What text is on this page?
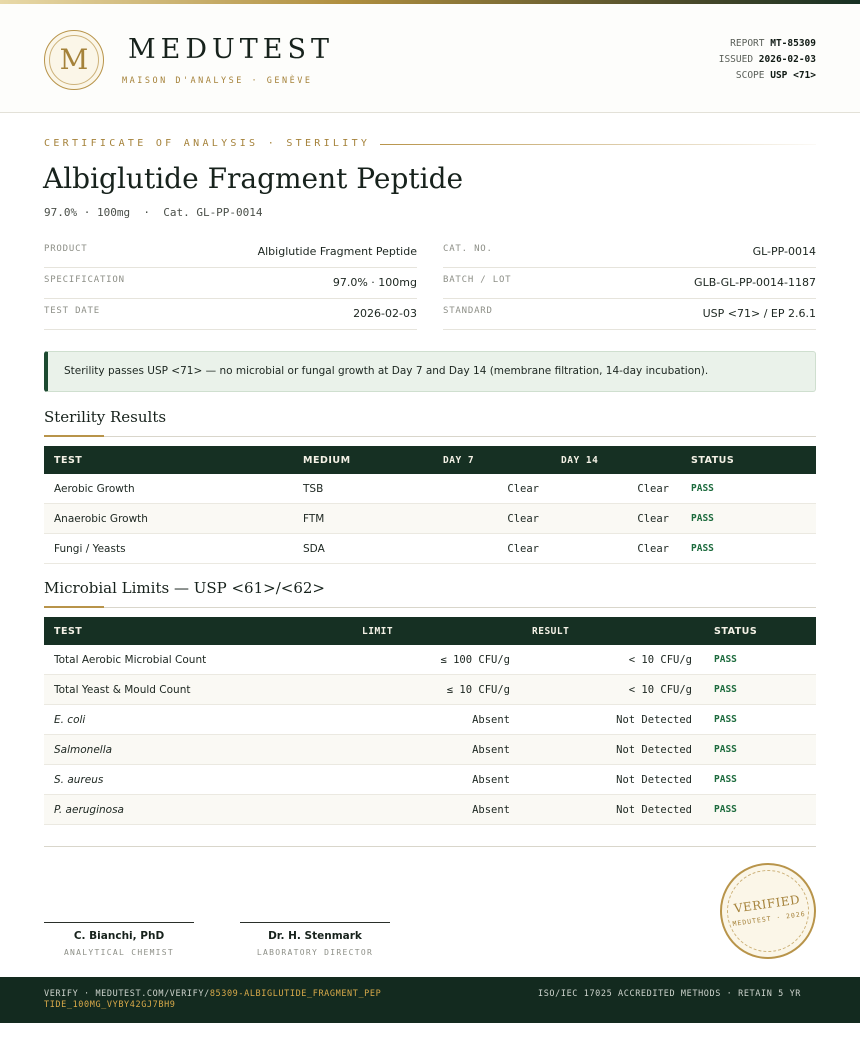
M	MEDUTEST
MAISON D'ANALYSE · GENÈVE
REPORT MT-85309
ISSUED 2026-02-03
SCOPE USP <71>
CERTIFICATE OF ANALYSIS · STERILITY
Albiglutide Fragment Peptide
97.0% · 100mg  ·  Cat. GL-PP-0014
PRODUCT	Albiglutide Fragment Peptide
SPECIFICATION	97.0% · 100mg
TEST DATE	2026-02-03
CAT. NO.	GL-PP-0014
BATCH / LOT	GLB-GL-PP-0014-1187
STANDARD	USP <71> / EP 2.6.1
Sterility passes USP <71> — no microbial or fungal growth at Day 7 and Day 14 (membrane filtration, 14-day incubation).
Sterility Results
TEST	MEDIUM	DAY 7	DAY 14	STATUS
Aerobic Growth	TSB	Clear	Clear	PASS
Anaerobic Growth	FTM	Clear	Clear	PASS
Fungi / Yeasts	SDA	Clear	Clear	PASS
Microbial Limits — USP <61>/<62>
TEST	LIMIT	RESULT	STATUS
Total Aerobic Microbial Count	≤ 100 CFU/g	< 10 CFU/g	PASS
Total Yeast & Mould Count	≤ 10 CFU/g	< 10 CFU/g	PASS
E. coli	Absent	Not Detected	PASS
Salmonella	Absent	Not Detected	PASS
S. aureus	Absent	Not Detected	PASS
P. aeruginosa	Absent	Not Detected	PASS
C. Bianchi, PhD
ANALYTICAL CHEMIST
Dr. H. Stenmark
LABORATORY DIRECTOR
VERIFIED
MEDUTEST · 2026
VERIFY · MEDUTEST.COM/VERIFY/85309-ALBIGLUTIDE_FRAGMENT_PEPTIDE_100MG_VYBY42GJ7BH9
ISO/IEC 17025 ACCREDITED METHODS · RETAIN 5 YR
